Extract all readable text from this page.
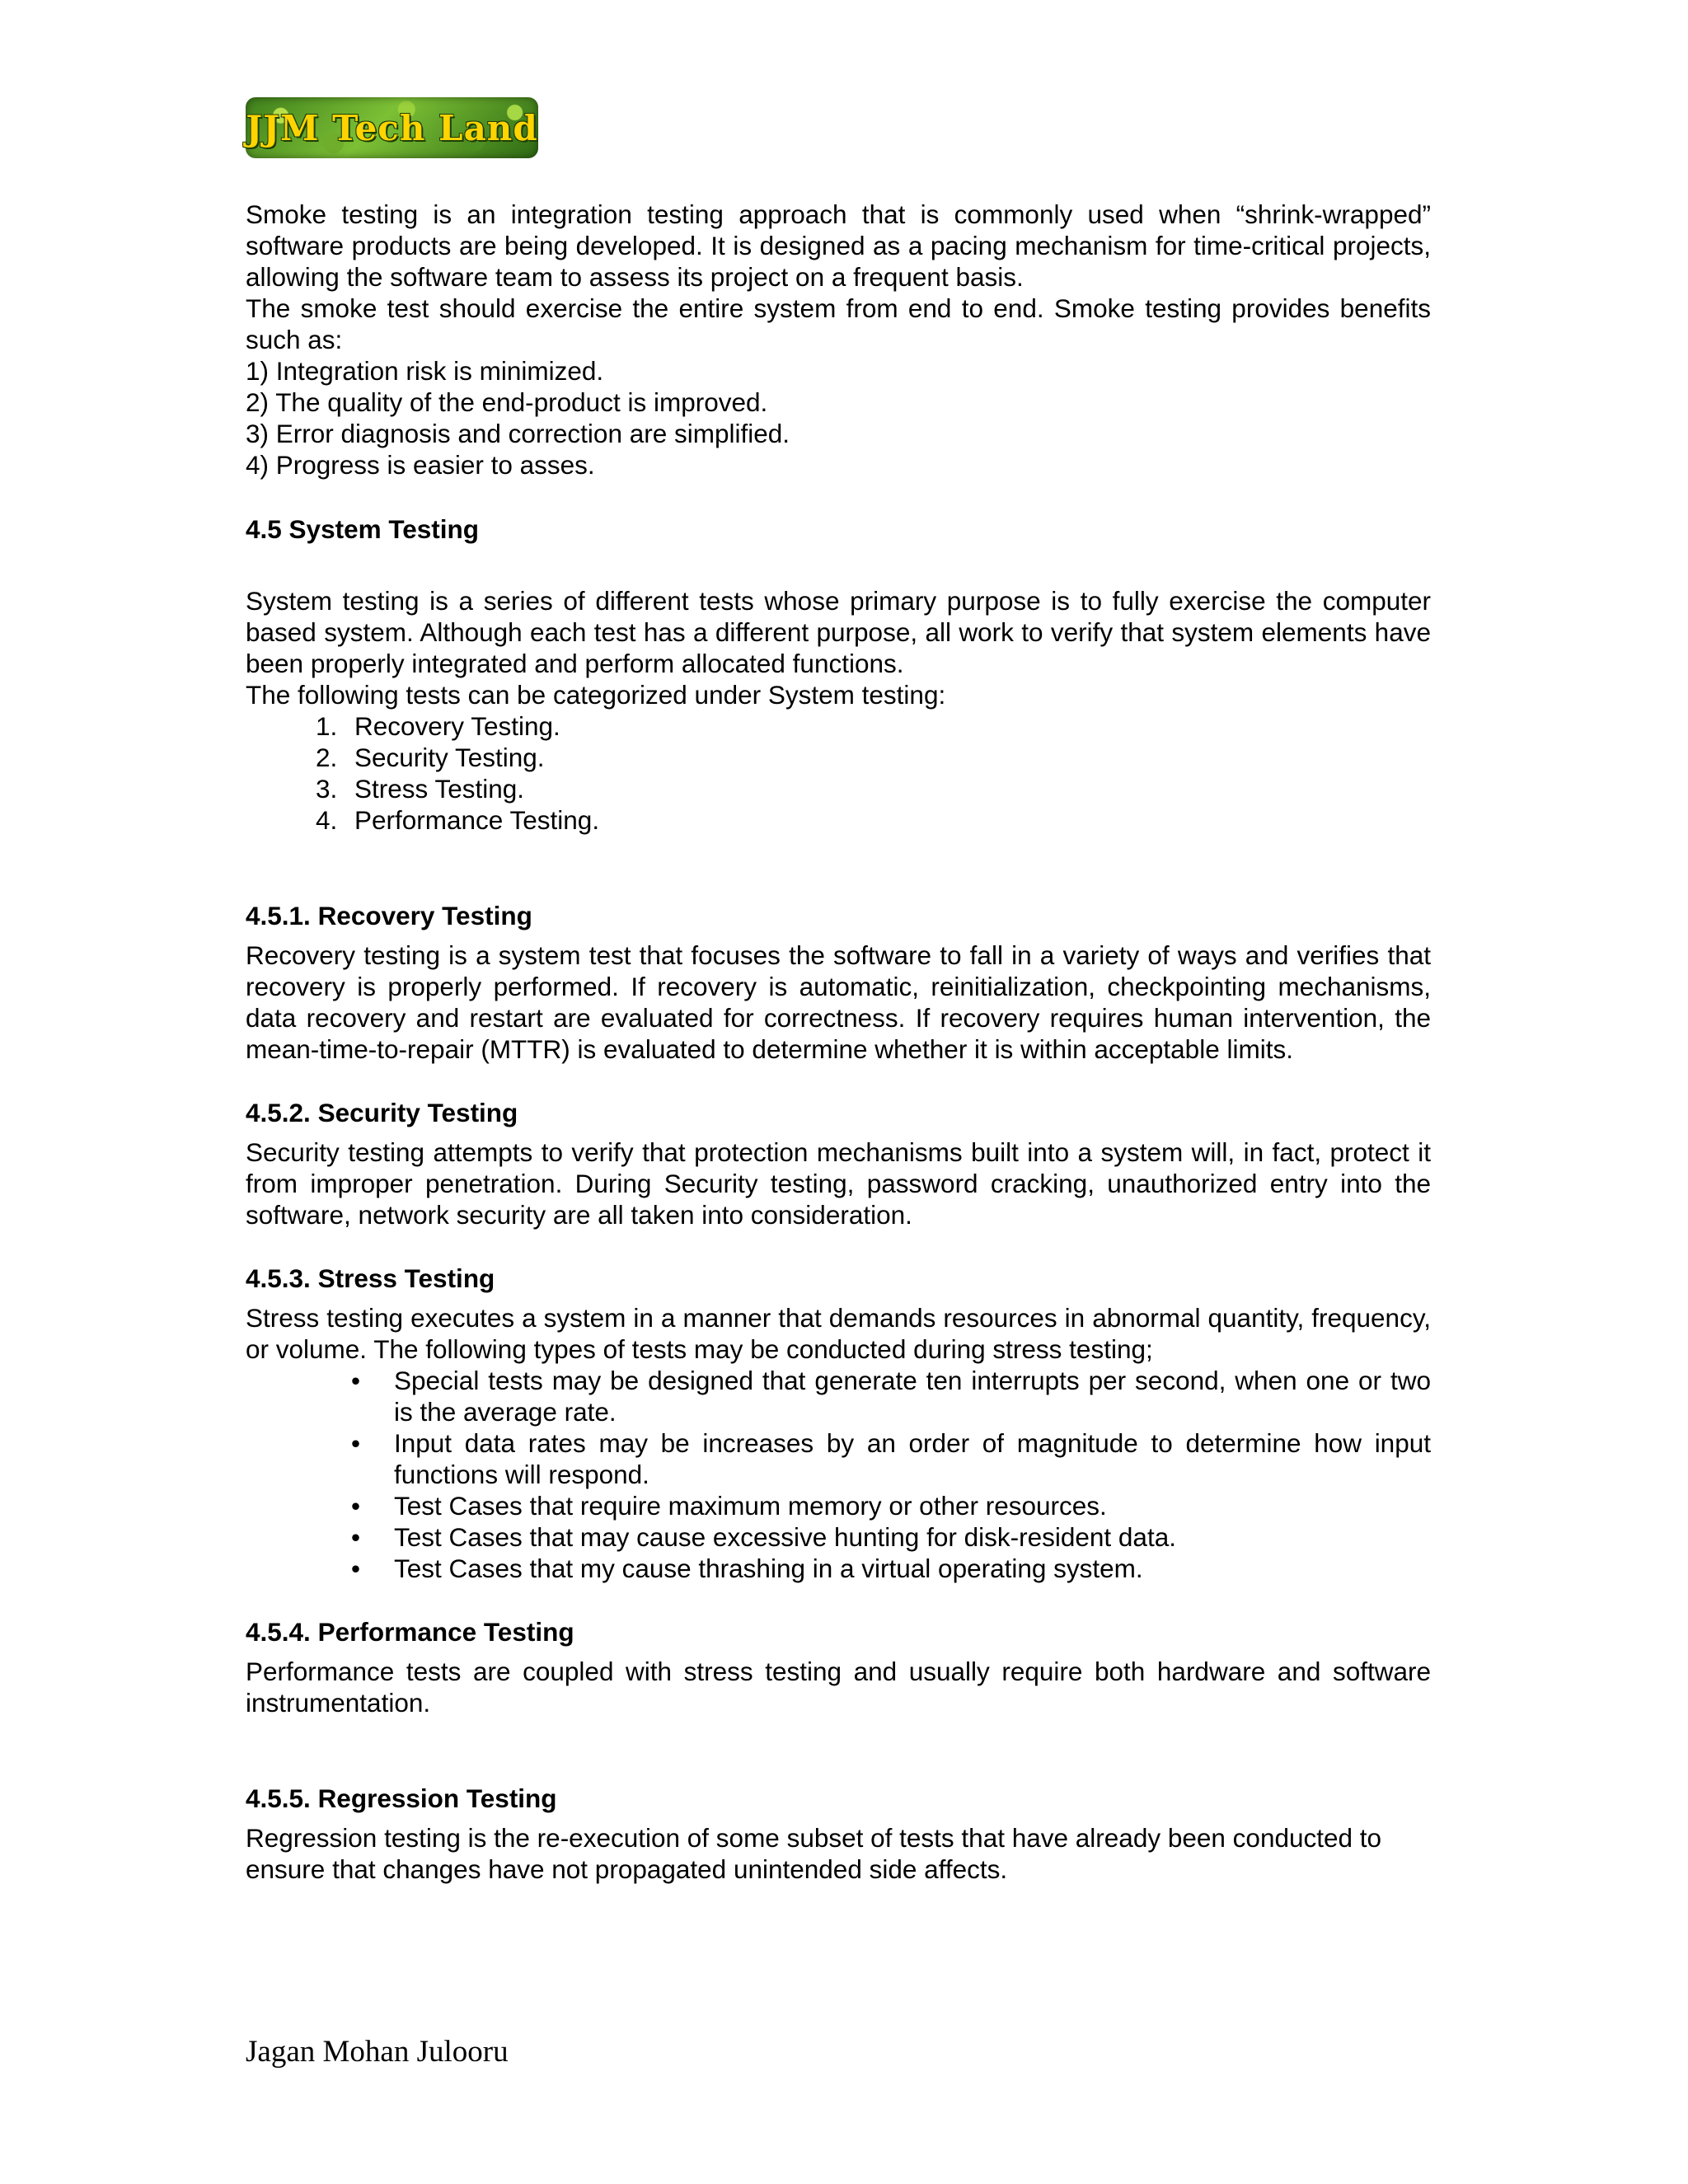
JJM Tech Land

Smoke testing is an integration testing approach that is commonly used when “shrink-wrapped” software products are being developed. It is designed as a pacing mechanism for time-critical projects, allowing the software team to assess its project on a frequent basis.

The smoke test should exercise the entire system from end to end. Smoke testing provides benefits such as:

1) Integration risk is minimized.

2) The quality of the end-product is improved.

3) Error diagnosis and correction are simplified.

4) Progress is easier to asses.

4.5 System Testing

System testing is a series of different tests whose primary purpose is to fully exercise the computer based system. Although each test has a different purpose, all work to verify that system elements have been properly integrated and perform allocated functions.

The following tests can be categorized under System testing:

1. Recovery Testing.
2. Security Testing.
3. Stress Testing.
4. Performance Testing.

4.5.1. Recovery Testing

Recovery testing is a system test that focuses the software to fall in a variety of ways and verifies that recovery is properly performed. If recovery is automatic, reinitialization, checkpointing mechanisms, data recovery and restart are evaluated for correctness. If recovery requires human intervention, the mean-time-to-repair (MTTR) is evaluated to determine whether it is within acceptable limits.

4.5.2. Security Testing

Security testing attempts to verify that protection mechanisms built into a system will, in fact, protect it from improper penetration. During Security testing, password cracking, unauthorized entry into the software, network security are all taken into consideration.

4.5.3. Stress Testing

Stress testing executes a system in a manner that demands resources in abnormal quantity, frequency, or volume. The following types of tests may be conducted during stress testing;

• Special tests may be designed that generate ten interrupts per second, when one or two is the average rate.
• Input data rates may be increases by an order of magnitude to determine how input functions will respond.
• Test Cases that require maximum memory or other resources.
• Test Cases that may cause excessive hunting for disk-resident data.
• Test Cases that my cause thrashing in a virtual operating system.

4.5.4. Performance Testing

Performance tests are coupled with stress testing and usually require both hardware and software instrumentation.

4.5.5. Regression Testing

Regression testing is the re-execution of some subset of tests that have already been conducted to ensure that changes have not propagated unintended side affects.

Jagan Mohan Julooru
